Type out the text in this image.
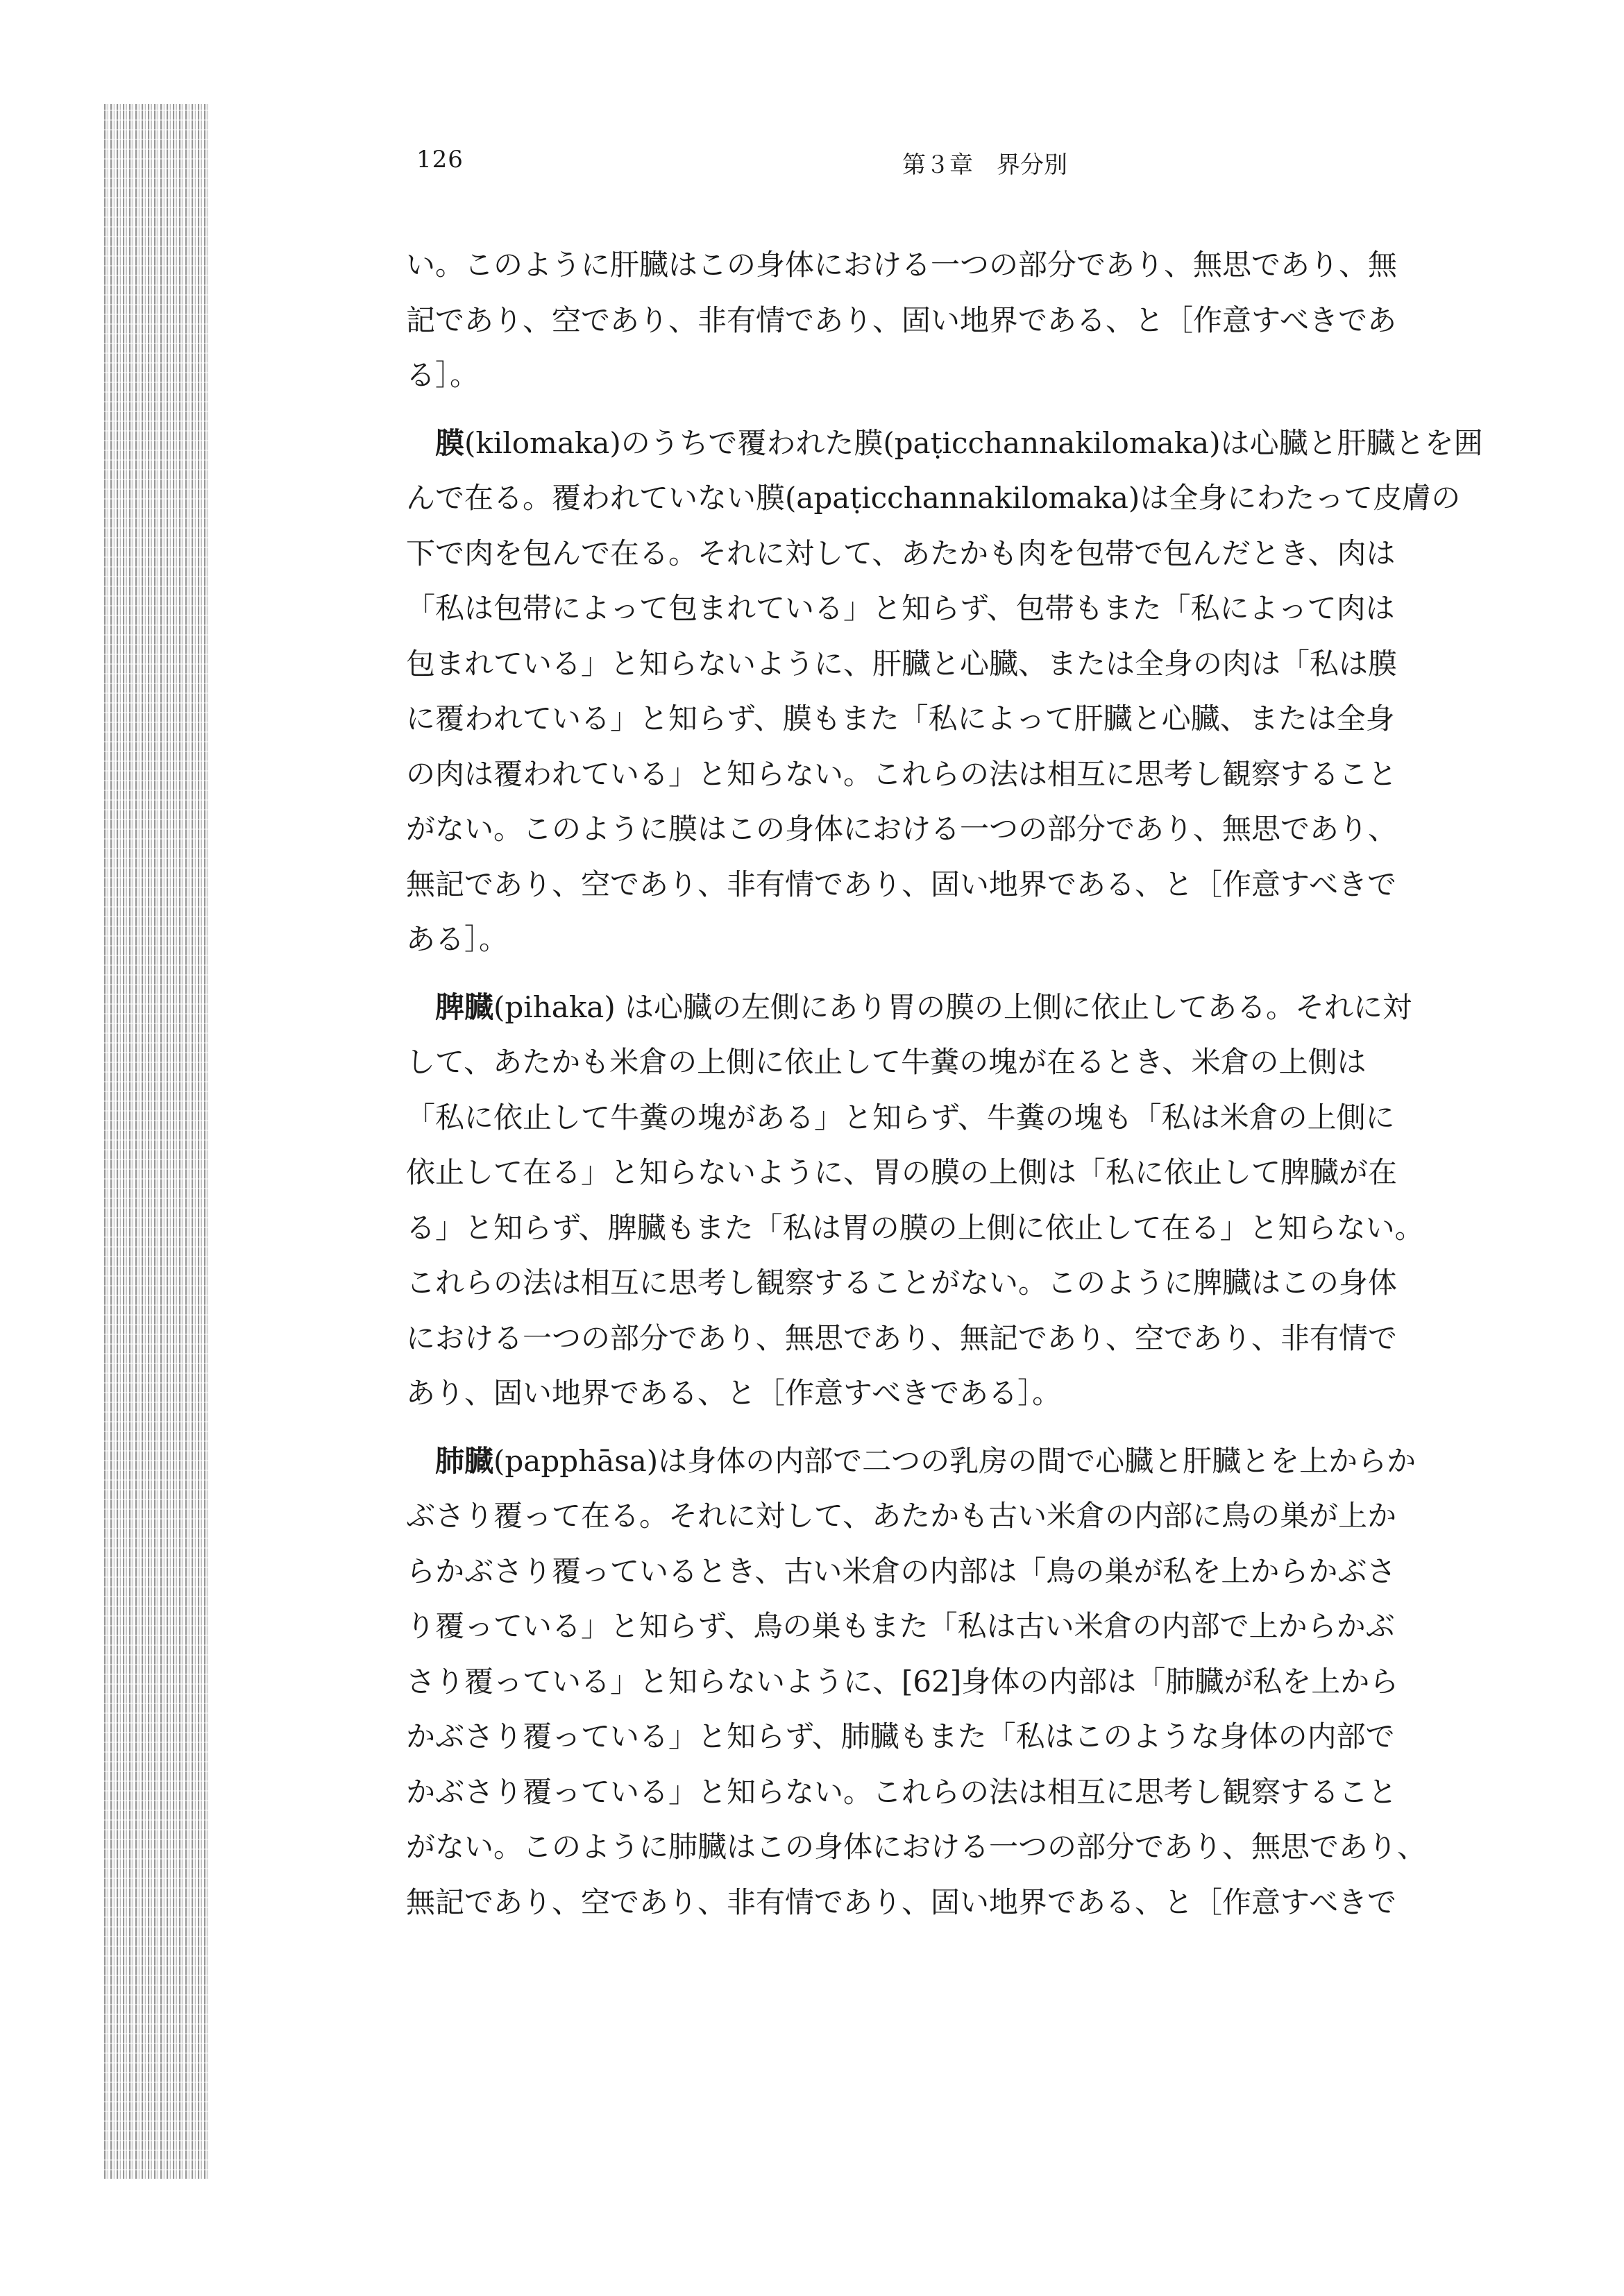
126	第３章　界分別

い。このように肝臓はこの身体における一つの部分であり、無思であり、無
記であり、空であり、非有情であり、固い地界である、と［作意すべきであ
る］。

　膜(kilomaka)のうちで覆われた膜(paṭicchannakilomaka)は心臓と肝臓とを囲
んで在る。覆われていない膜(apaṭicchannakilomaka)は全身にわたって皮膚の
下で肉を包んで在る。それに対して、あたかも肉を包帯で包んだとき、肉は
「私は包帯によって包まれている」と知らず、包帯もまた「私によって肉は
包まれている」と知らないように、肝臓と心臓、または全身の肉は「私は膜
に覆われている」と知らず、膜もまた「私によって肝臓と心臓、または全身
の肉は覆われている」と知らない。これらの法は相互に思考し観察すること
がない。このように膜はこの身体における一つの部分であり、無思であり、
無記であり、空であり、非有情であり、固い地界である、と［作意すべきで
ある］。

　脾臓(pihaka) は心臓の左側にあり胃の膜の上側に依止してある。それに対
して、あたかも米倉の上側に依止して牛糞の塊が在るとき、米倉の上側は
「私に依止して牛糞の塊がある」と知らず、牛糞の塊も「私は米倉の上側に
依止して在る」と知らないように、胃の膜の上側は「私に依止して脾臓が在
る」と知らず、脾臓もまた「私は胃の膜の上側に依止して在る」と知らない。
これらの法は相互に思考し観察することがない。このように脾臓はこの身体
における一つの部分であり、無思であり、無記であり、空であり、非有情で
あり、固い地界である、と［作意すべきである］。

　肺臓(papphāsa)は身体の内部で二つの乳房の間で心臓と肝臓とを上からか
ぶさり覆って在る。それに対して、あたかも古い米倉の内部に鳥の巣が上か
らかぶさり覆っているとき、古い米倉の内部は「鳥の巣が私を上からかぶさ
り覆っている」と知らず、鳥の巣もまた「私は古い米倉の内部で上からかぶ
さり覆っている」と知らないように、[62]身体の内部は「肺臓が私を上から
かぶさり覆っている」と知らず、肺臓もまた「私はこのような身体の内部で
かぶさり覆っている」と知らない。これらの法は相互に思考し観察すること
がない。このように肺臓はこの身体における一つの部分であり、無思であり、
無記であり、空であり、非有情であり、固い地界である、と［作意すべきで
